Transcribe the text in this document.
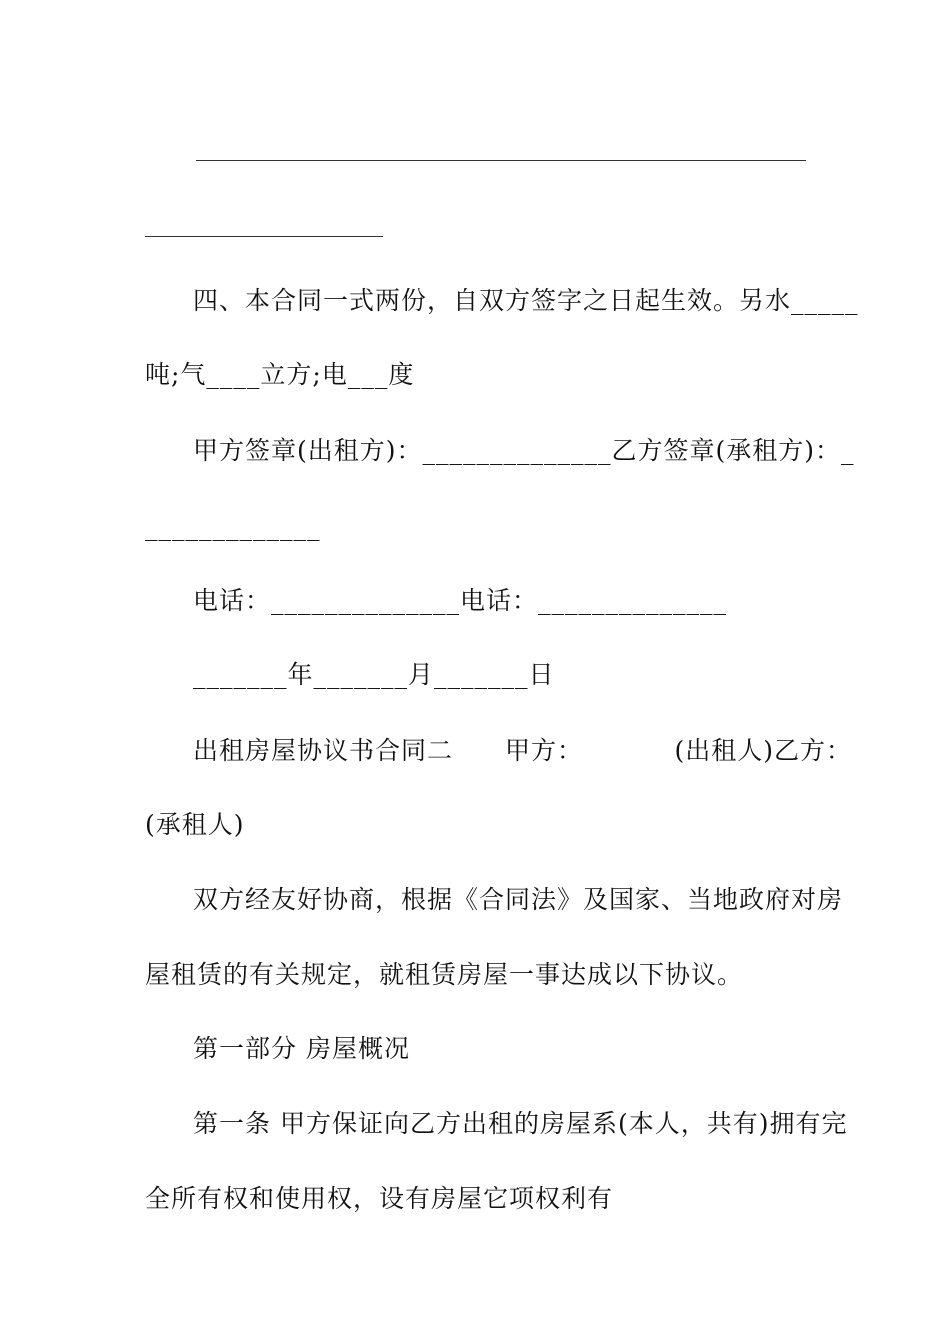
四、本合同一式两份，自双方签字之日起生效。另水_____
吨;气____立方;电___度
甲方签章(出租方)：______________乙方签章(承租方)：_
_____________
电话：______________电话：______________
_______年_______月_______日
出租房屋协议书合同二　　甲方：　　　　(出租人)乙方：
(承租人)
双方经友好协商，根据《合同法》及国家、当地政府对房
屋租赁的有关规定，就租赁房屋一事达成以下协议。
第一部分 房屋概况
第一条 甲方保证向乙方出租的房屋系(本人，共有)拥有完
全所有权和使用权，设有房屋它项权利有
